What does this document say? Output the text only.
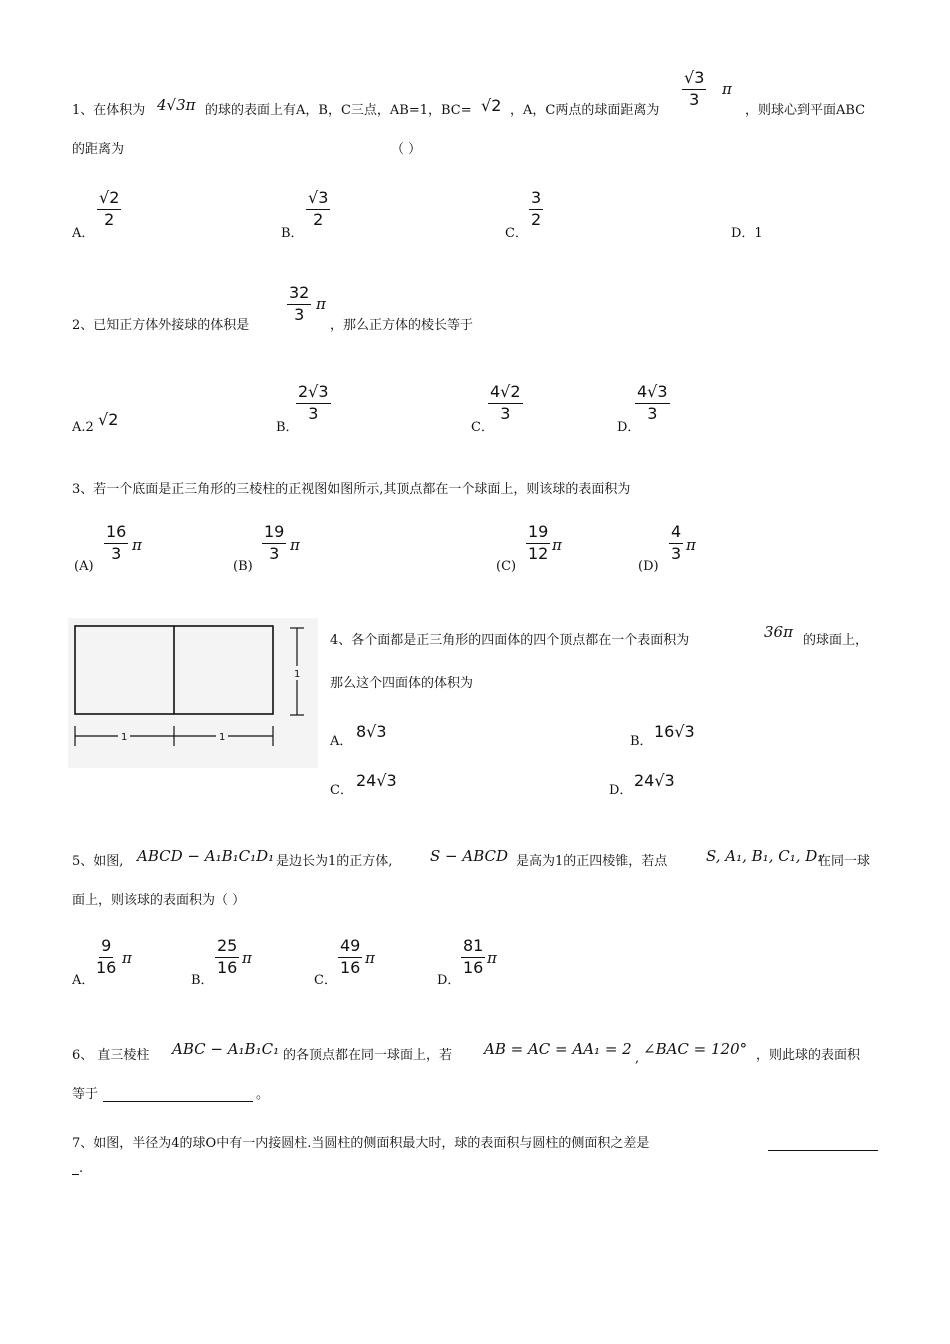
1、在体积为 4√3π 的球的表面上有A，B，C三点，AB=1，BC= √2 ，A，C两点的球面距离为
$\frac{√3}{3}$ π
，则球心到平面ABC
的距离为	（ ）
A．
$\frac{√2}{2}$
B．
$\frac{√3}{2}$
C．
$\frac{3}{2}$
D．1
2、已知正方体外接球的体积是
$\frac{32}{3}$ π
，那么正方体的棱长等于
A.2 √2	B．
$\frac{2√3}{3}$
C．
$\frac{4√2}{3}$
D．
$\frac{4√3}{3}$
3、若一个底面是正三角形的三棱柱的正视图如图所示,其顶点都在一个球面上，则该球的表面积为
(A)
$\frac{16}{3}$ π
(B)
$\frac{19}{3}$ π
(C)
$\frac{19}{12}$ π
(D)
$\frac{4}{3}$ π
1
1	1
4、各个面都是正三角形的四面体的四个顶点都在一个表面积为	36π 的球面上，
那么这个四面体的体积为
A．
8√3
B．
16√3
C．
24√3
D．
24√3
5、如图, ABCD − A₁B₁C₁D₁ 是边长为1的正方体,	S − ABCD 是高为1的正四棱锥，若点	S, A₁, B₁, C₁, D₁
在同一球
面上，则该球的表面积为（ ）
A．
$\frac{9}{16}$ π
B．
$\frac{25}{16}$ π
C．
$\frac{49}{16}$ π
D．
$\frac{81}{16}$ π
6、 直三棱柱 ABC − A₁B₁C₁ 的各顶点都在同一球面上，若 AB = AC = AA₁ = 2
,
∠BAC = 120° ，则此球的表面积
等于	。
7、如图，半径为4的球O中有一内接圆柱.当圆柱的侧面积最大时，球的表面积与圆柱的侧面积之差是
.
